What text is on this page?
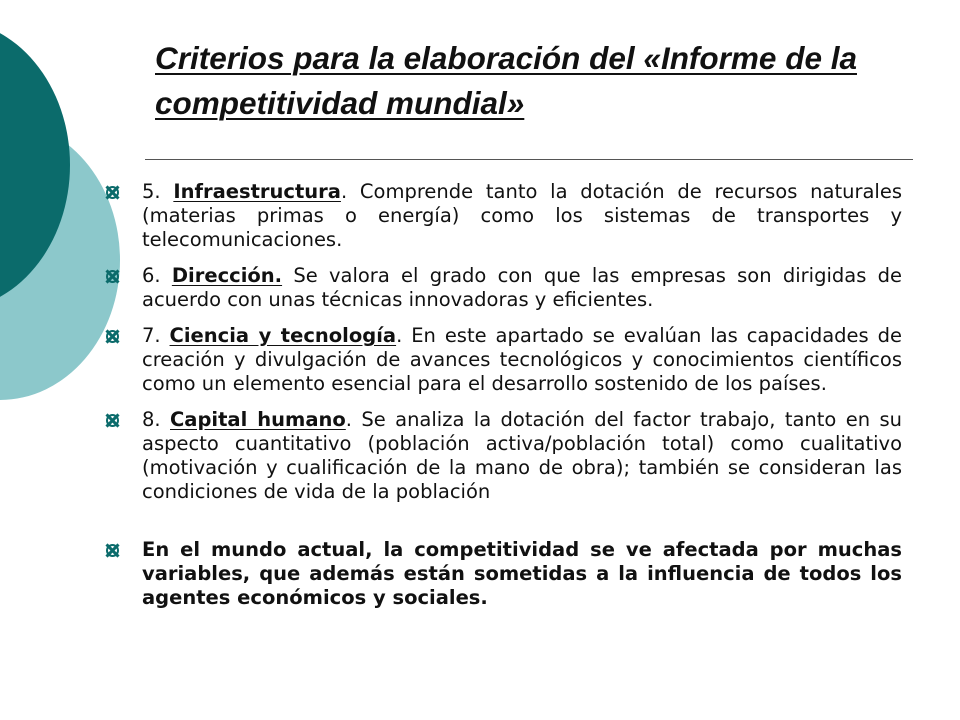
Criterios para la elaboración del «Informe de la competitividad mundial»

5. Infraestructura. Comprende tanto la dotación de recursos naturales (materias primas o energía) como los sistemas de transportes y telecomunicaciones.

6. Dirección. Se valora el grado con que las empresas son dirigidas de acuerdo con unas técnicas innovadoras y eficientes.

7. Ciencia y tecnología. En este apartado se evalúan las capacidades de creación y divulgación de avances tecnológicos y conocimientos científicos como un elemento esencial para el desarrollo sostenido de los países.

8. Capital humano. Se analiza la dotación del factor trabajo, tanto en su aspecto cuantitativo (población activa/población total) como cualitativo (motivación y cualificación de la mano de obra); también se consideran las condiciones de vida de la población

En el mundo actual, la competitividad se ve afectada por muchas variables, que además están sometidas a la influencia de todos los agentes económicos y sociales.
